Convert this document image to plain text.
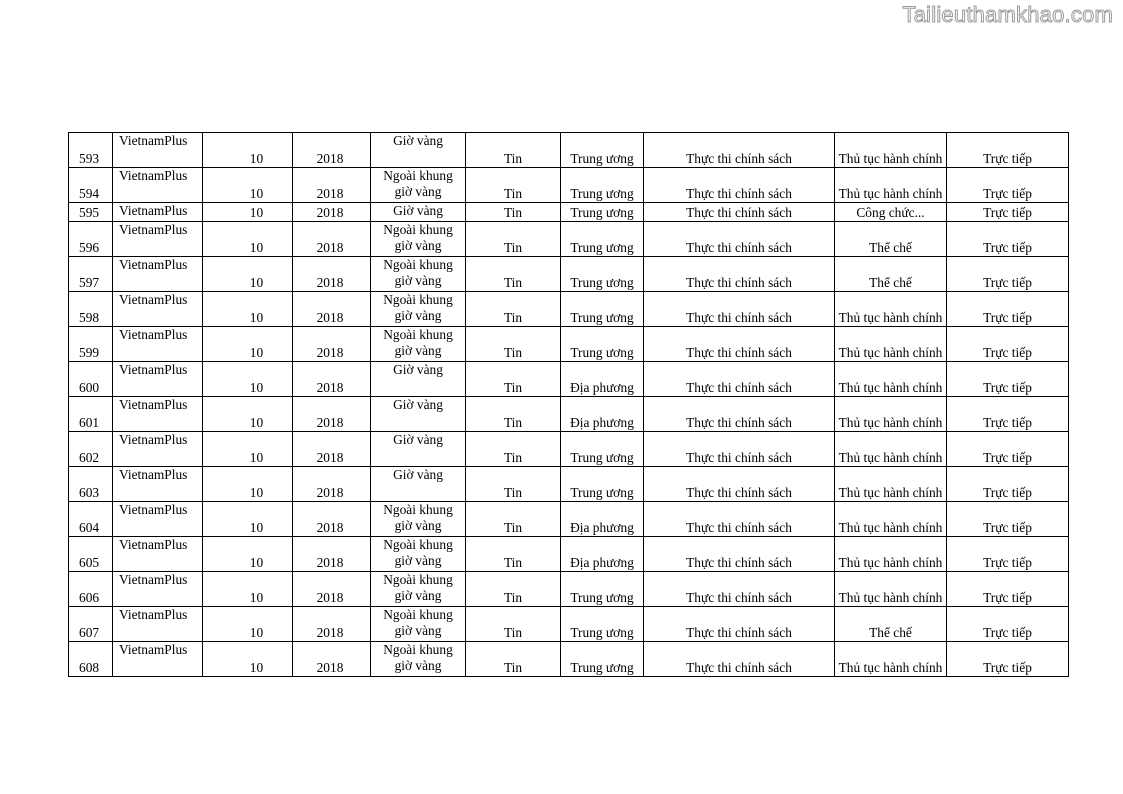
Tailieuthamkhao.com
593	VietnamPlus	10	2018	Giờ vàng	Tin	Trung ương	Thực thi chính sách	Thủ tục hành chính	Trực tiếp
594	VietnamPlus	10	2018	Ngoài khung giờ vàng	Tin	Trung ương	Thực thi chính sách	Thủ tục hành chính	Trực tiếp
595	VietnamPlus	10	2018	Giờ vàng	Tin	Trung ương	Thực thi chính sách	Công chức...	Trực tiếp
596	VietnamPlus	10	2018	Ngoài khung giờ vàng	Tin	Trung ương	Thực thi chính sách	Thể chế	Trực tiếp
597	VietnamPlus	10	2018	Ngoài khung giờ vàng	Tin	Trung ương	Thực thi chính sách	Thể chế	Trực tiếp
598	VietnamPlus	10	2018	Ngoài khung giờ vàng	Tin	Trung ương	Thực thi chính sách	Thủ tục hành chính	Trực tiếp
599	VietnamPlus	10	2018	Ngoài khung giờ vàng	Tin	Trung ương	Thực thi chính sách	Thủ tục hành chính	Trực tiếp
600	VietnamPlus	10	2018	Giờ vàng	Tin	Địa phương	Thực thi chính sách	Thủ tục hành chính	Trực tiếp
601	VietnamPlus	10	2018	Giờ vàng	Tin	Địa phương	Thực thi chính sách	Thủ tục hành chính	Trực tiếp
602	VietnamPlus	10	2018	Giờ vàng	Tin	Trung ương	Thực thi chính sách	Thủ tục hành chính	Trực tiếp
603	VietnamPlus	10	2018	Giờ vàng	Tin	Trung ương	Thực thi chính sách	Thủ tục hành chính	Trực tiếp
604	VietnamPlus	10	2018	Ngoài khung giờ vàng	Tin	Địa phương	Thực thi chính sách	Thủ tục hành chính	Trực tiếp
605	VietnamPlus	10	2018	Ngoài khung giờ vàng	Tin	Địa phương	Thực thi chính sách	Thủ tục hành chính	Trực tiếp
606	VietnamPlus	10	2018	Ngoài khung giờ vàng	Tin	Trung ương	Thực thi chính sách	Thủ tục hành chính	Trực tiếp
607	VietnamPlus	10	2018	Ngoài khung giờ vàng	Tin	Trung ương	Thực thi chính sách	Thể chế	Trực tiếp
608	VietnamPlus	10	2018	Ngoài khung giờ vàng	Tin	Trung ương	Thực thi chính sách	Thủ tục hành chính	Trực tiếp
